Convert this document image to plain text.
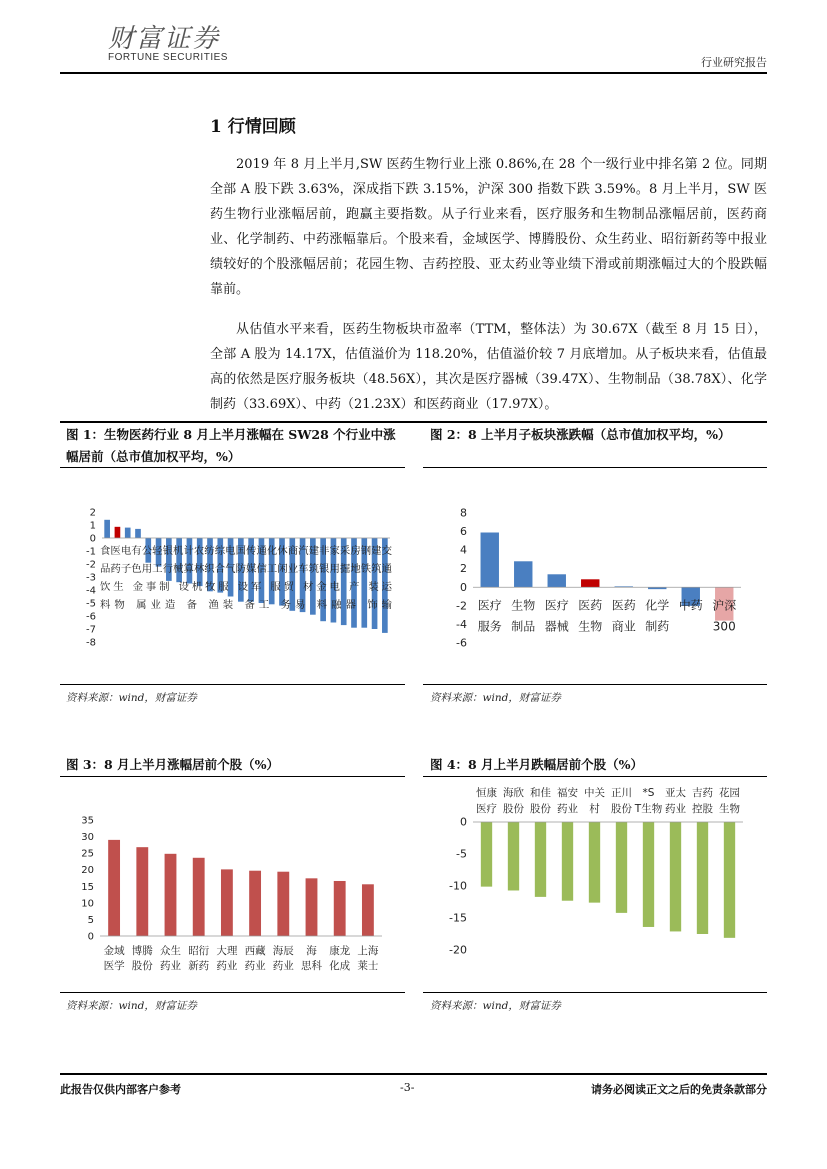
财富证券
FORTUNE SECURITIES	行业研究报告
1 行情回顾
2019 年 8 月上半月,SW 医药生物行业上涨 0.86%,在 28 个一级行业中排名第 2 位。同期全部 A 股下跌 3.63%，深成指下跌 3.15%，沪深 300 指数下跌 3.59%。8 月上半月，SW 医药生物行业涨幅居前，跑赢主要指数。从子行业来看，医疗服务和生物制品涨幅居前，医药商业、化学制药、中药涨幅靠后。个股来看，金域医学、博腾股份、众生药业、昭衍新药等中报业绩较好的个股涨幅居前；花园生物、吉药控股、亚太药业等业绩下滑或前期涨幅过大的个股跌幅靠前。
从估值水平来看，医药生物板块市盈率（TTM，整体法）为 30.67X（截至 8 月 15 日），全部 A 股为 14.17X，估值溢价为 118.20%，估值溢价较 7 月底增加。从子板块来看，估值最高的依然是医疗服务板块（48.56X），其次是医疗器械（39.47X）、生物制品（38.78X）、化学制药（33.69X）、中药（21.23X）和医药商业（17.97X）。
图 1：生物医药行业 8 月上半月涨幅在 SW28 个行业中涨幅居前（总市值加权平均，%）
图 2：8 上半月子板块涨跌幅（总市值加权平均，%）
2
1
0
-1
-2
-3
-4
-5
-6
-7
-8
食医电有公轻银机计农纺综电国传通化休商汽建非家采房钢建交
品药子色用工行械算林织合气防媒信工闲业车筑银用掘地铁筑通
饮生 金事制 设机牧服 设军 服贸 材金电 产 装运
料物 属业造 备 渔装 备工 务易 料融器 饰输
8
6
4
2
0
-2
-4
-6
医疗
服务
生物
制品
医疗
器械
医药
生物
医药
商业
化学
制药
中药 沪深
300
资料来源：wind，财富证券	资料来源：wind，财富证券
图 3：8 月上半月涨幅居前个股（%）	图 4：8 月上半月跌幅居前个股（%）
35
30
25
20
15
10
5
0
金域
医学
博腾
股份
众生
药业
昭衍
新药
大理
药业
西藏
药业
海辰
药业
海
思科
康龙
化成
上海
莱士
0
-5
-10
-15
-20
恒康
医疗
海欣
股份
和佳
股份
福安
药业
中关
村
正川
股份
*S
T生物
亚太
药业
吉药
控股
花园
生物
资料来源：wind，财富证券	资料来源：wind，财富证券
此报告仅供内部客户参考	-3-	请务必阅读正文之后的免责条款部分
